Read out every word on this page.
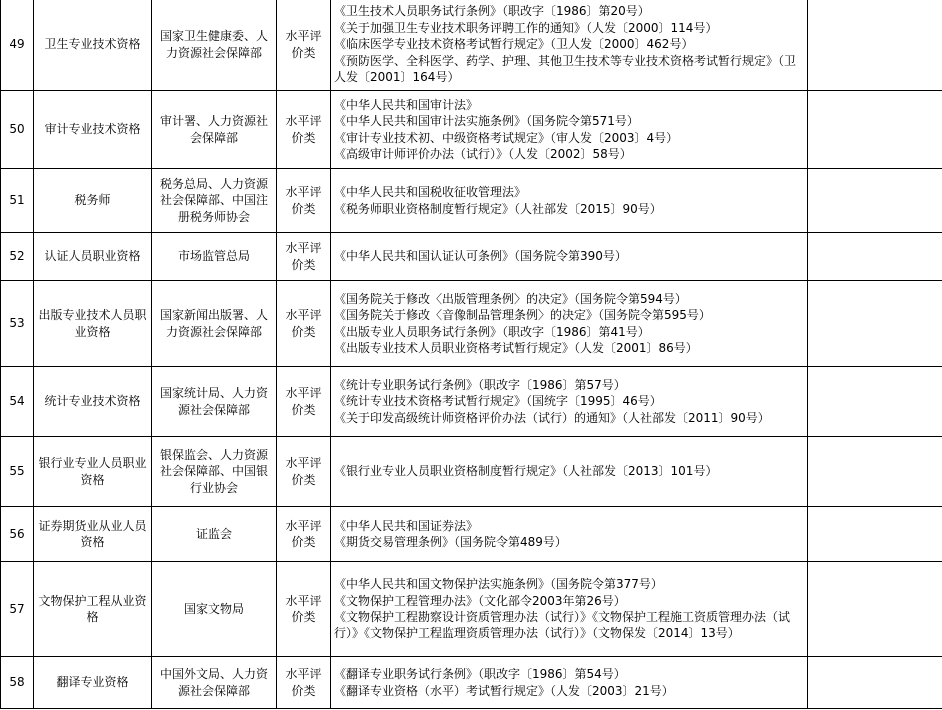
49	卫生专业技术资格	国家卫生健康委、人力资源社会保障部	水平评价类	《卫生技术人员职务试行条例》（职改字〔1986〕第20号）
《关于加强卫生专业技术职务评聘工作的通知》（人发〔2000〕114号）
《临床医学专业技术资格考试暂行规定》（卫人发〔2000〕462号）
《预防医学、全科医学、药学、护理、其他卫生技术等专业技术资格考试暂行规定》（卫人发〔2001〕164号）	
50	审计专业技术资格	审计署、人力资源社会保障部	水平评价类	《中华人民共和国审计法》
《中华人民共和国审计法实施条例》（国务院令第571号）
《审计专业技术初、中级资格考试规定》（审人发〔2003〕4号）
《高级审计师评价办法（试行）》（人发〔2002〕58号）	
51	税务师	税务总局、人力资源社会保障部、中国注册税务师协会	水平评价类	《中华人民共和国税收征收管理法》
《税务师职业资格制度暂行规定》（人社部发〔2015〕90号）	
52	认证人员职业资格	市场监管总局	水平评价类	《中华人民共和国认证认可条例》（国务院令第390号）	
53	出版专业技术人员职业资格	国家新闻出版署、人力资源社会保障部	水平评价类	《国务院关于修改〈出版管理条例〉的决定》（国务院令第594号）
《国务院关于修改〈音像制品管理条例〉的决定》（国务院令第595号）
《出版专业人员职务试行条例》（职改字〔1986〕第41号）
《出版专业技术人员职业资格考试暂行规定》（人发〔2001〕86号）	
54	统计专业技术资格	国家统计局、人力资源社会保障部	水平评价类	《统计专业职务试行条例》（职改字〔1986〕第57号）
《统计专业技术资格考试暂行规定》（国统字〔1995〕46号）
《关于印发高级统计师资格评价办法（试行）的通知》（人社部发〔2011〕90号）	
55	银行业专业人员职业资格	银保监会、人力资源社会保障部、中国银行业协会	水平评价类	《银行业专业人员职业资格制度暂行规定》（人社部发〔2013〕101号）	
56	证券期货业从业人员资格	证监会	水平评价类	《中华人民共和国证券法》
《期货交易管理条例》（国务院令第489号）	
57	文物保护工程从业资格	国家文物局	水平评价类	《中华人民共和国文物保护法实施条例》（国务院令第377号）
《文物保护工程管理办法》（文化部令2003年第26号）
《文物保护工程勘察设计资质管理办法（试行）》《文物保护工程施工资质管理办法（试行）》《文物保护工程监理资质管理办法（试行）》（文物保发〔2014〕13号）	
58	翻译专业资格	中国外文局、人力资源社会保障部	水平评价类	《翻译专业职务试行条例》（职改字〔1986〕第54号）
《翻译专业资格（水平）考试暂行规定》（人发〔2003〕21号）	
